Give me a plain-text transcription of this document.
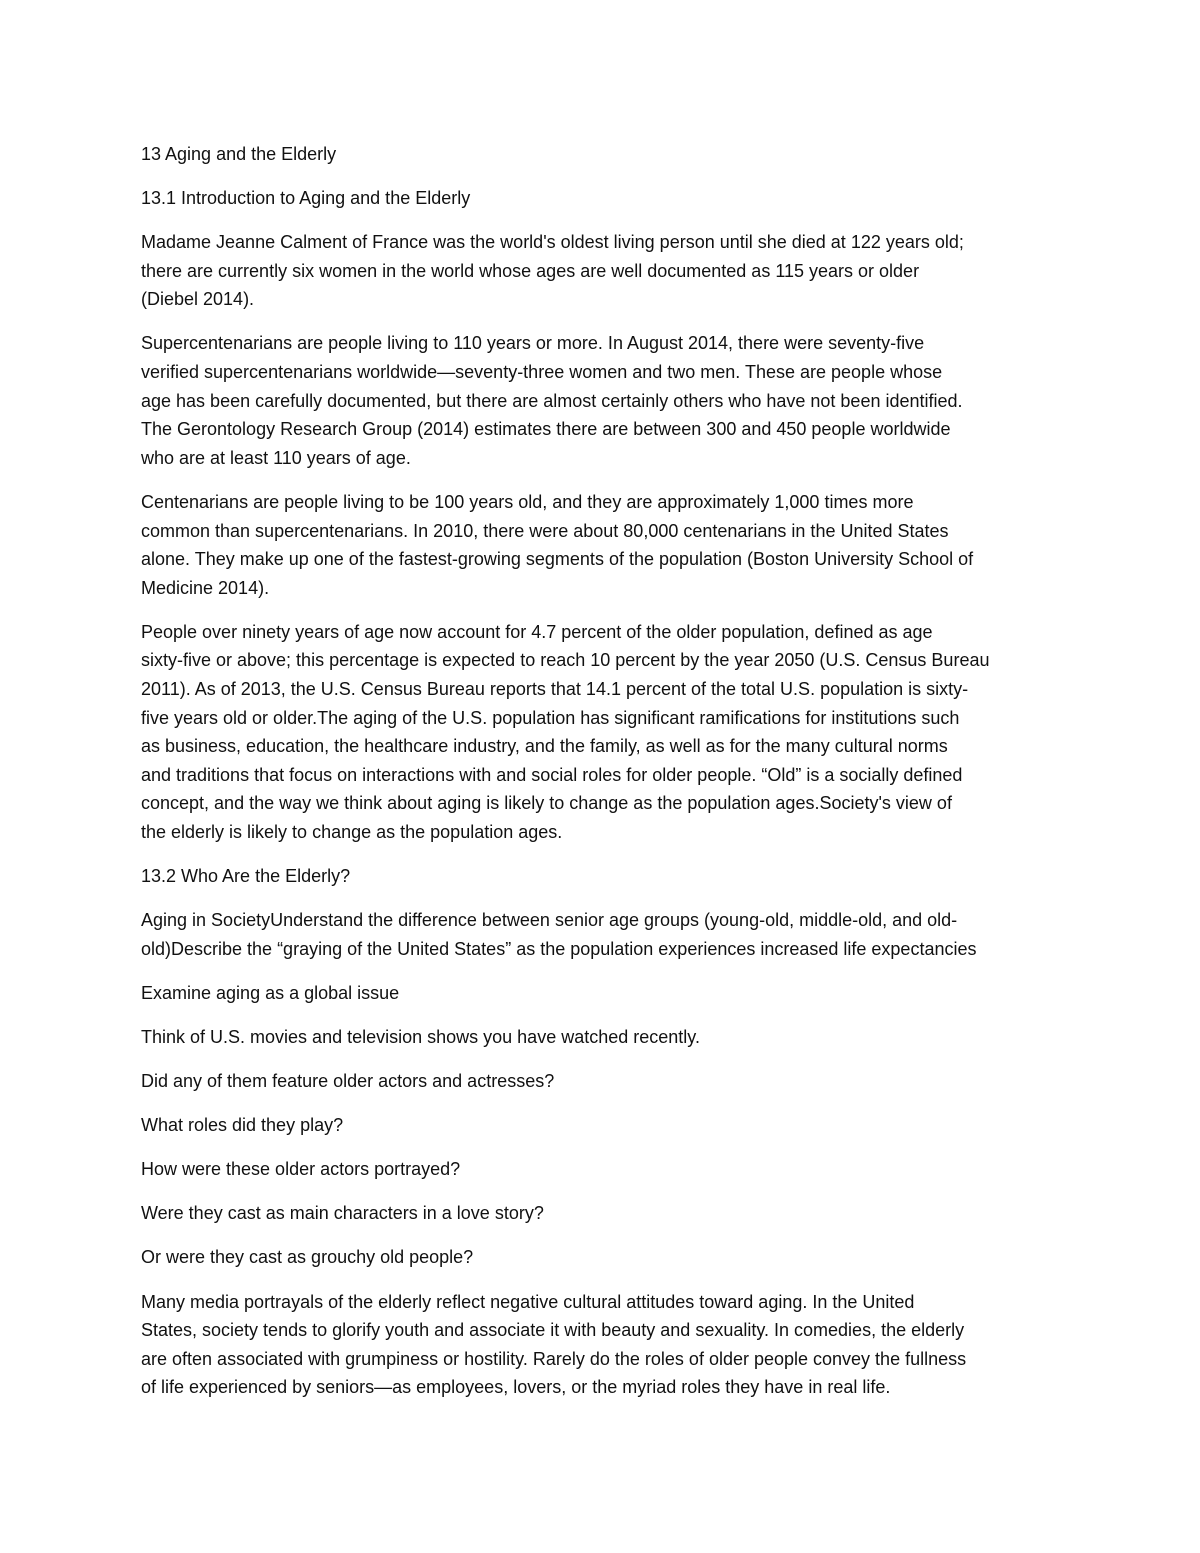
13 Aging and the Elderly

13.1 Introduction to Aging and the Elderly

Madame Jeanne Calment of France was the world's oldest living person until she died at 122 years old;
there are currently six women in the world whose ages are well documented as 115 years or older
(Diebel 2014).

Supercentenarians are people living to 110 years or more. In August 2014, there were seventy-five
verified supercentenarians worldwide—seventy-three women and two men. These are people whose
age has been carefully documented, but there are almost certainly others who have not been identified.
The Gerontology Research Group (2014) estimates there are between 300 and 450 people worldwide
who are at least 110 years of age.

Centenarians are people living to be 100 years old, and they are approximately 1,000 times more
common than supercentenarians. In 2010, there were about 80,000 centenarians in the United States
alone. They make up one of the fastest-growing segments of the population (Boston University School of
Medicine 2014).

People over ninety years of age now account for 4.7 percent of the older population, defined as age
sixty-five or above; this percentage is expected to reach 10 percent by the year 2050 (U.S. Census Bureau
2011). As of 2013, the U.S. Census Bureau reports that 14.1 percent of the total U.S. population is sixty-
five years old or older.The aging of the U.S. population has significant ramifications for institutions such
as business, education, the healthcare industry, and the family, as well as for the many cultural norms
and traditions that focus on interactions with and social roles for older people. “Old” is a socially defined
concept, and the way we think about aging is likely to change as the population ages.Society's view of
the elderly is likely to change as the population ages.

13.2 Who Are the Elderly?

Aging in SocietyUnderstand the difference between senior age groups (young-old, middle-old, and old-
old)Describe the “graying of the United States” as the population experiences increased life expectancies

Examine aging as a global issue

Think of U.S. movies and television shows you have watched recently.

Did any of them feature older actors and actresses?

What roles did they play?

How were these older actors portrayed?

Were they cast as main characters in a love story?

Or were they cast as grouchy old people?

Many media portrayals of the elderly reflect negative cultural attitudes toward aging. In the United
States, society tends to glorify youth and associate it with beauty and sexuality. In comedies, the elderly
are often associated with grumpiness or hostility. Rarely do the roles of older people convey the fullness
of life experienced by seniors—as employees, lovers, or the myriad roles they have in real life.
